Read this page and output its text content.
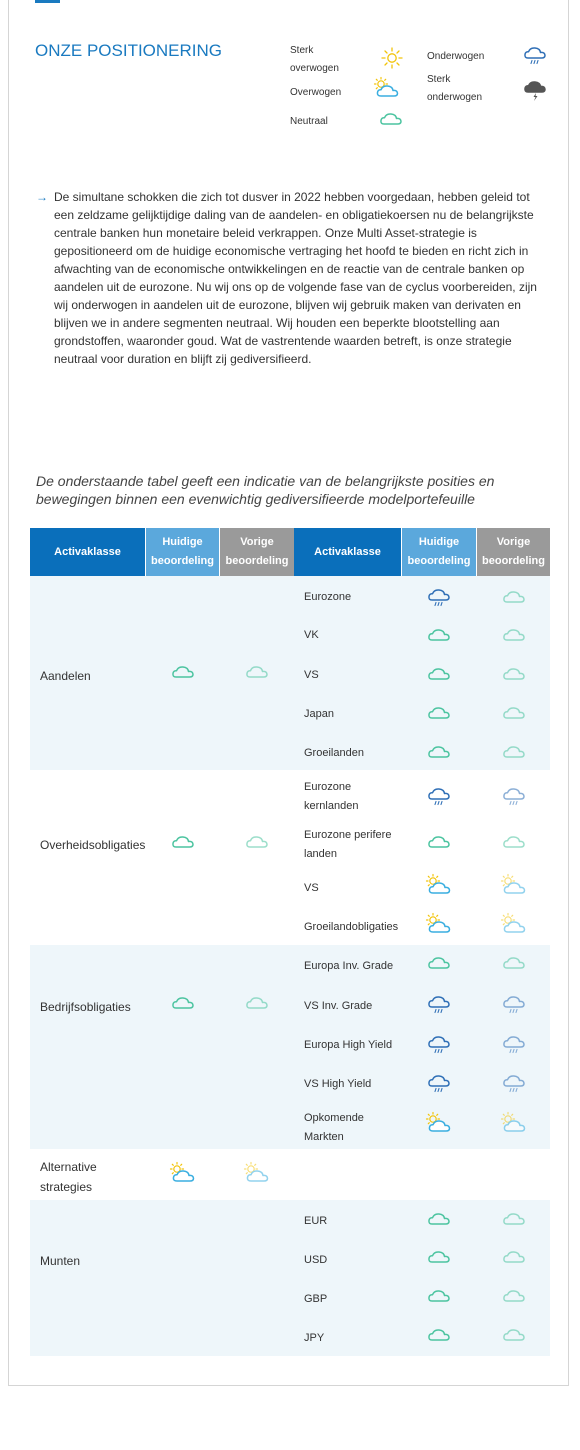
ONZE POSITIONERING	Sterk overwogen
Overwogen
Neutraal
Onderwogen
Sterk onderwogen
→ De simultane schokken die zich tot dusver in 2022 hebben voorgedaan, hebben geleid tot een zeldzame gelijktijdige daling van de aandelen- en obligatiekoersen nu de belangrijkste centrale banken hun monetaire beleid verkrappen. Onze Multi Asset-strategie is gepositioneerd om de huidige economische vertraging het hoofd te bieden en richt zich in afwachting van de economische ontwikkelingen en de reactie van de centrale banken op aandelen uit de eurozone. Nu wij ons op de volgende fase van de cyclus voorbereiden, zijn wij onderwogen in aandelen uit de eurozone, blijven wij gebruik maken van derivaten en blijven we in andere segmenten neutraal. Wij houden een beperkte blootstelling aan grondstoffen, waaronder goud. Wat de vastrentende waarden betreft, is onze strategie neutraal voor duration en blijft zij gediversifieerd.

De onderstaande tabel geeft een indicatie van de belangrijkste posities en bewegingen binnen een evenwichtig gediversifieerde modelportefeuille
Activaklasse
Huidige beoordeling
Vorige beoordeling
Activaklasse
Huidige beoordeling
Vorige beoordeling
Aandelen
Overheidsobligaties
Bedrijfsobligaties
Alternative strategies
Munten
Eurozone
VK
VS
Japan
Groeilanden
Eurozone kernlanden
Eurozone perifere landen
VS
Groeilandobligaties
Europa Inv. Grade
VS Inv. Grade
Europa High Yield
VS High Yield
Opkomende Markten
EUR
USD
GBP
JPY
